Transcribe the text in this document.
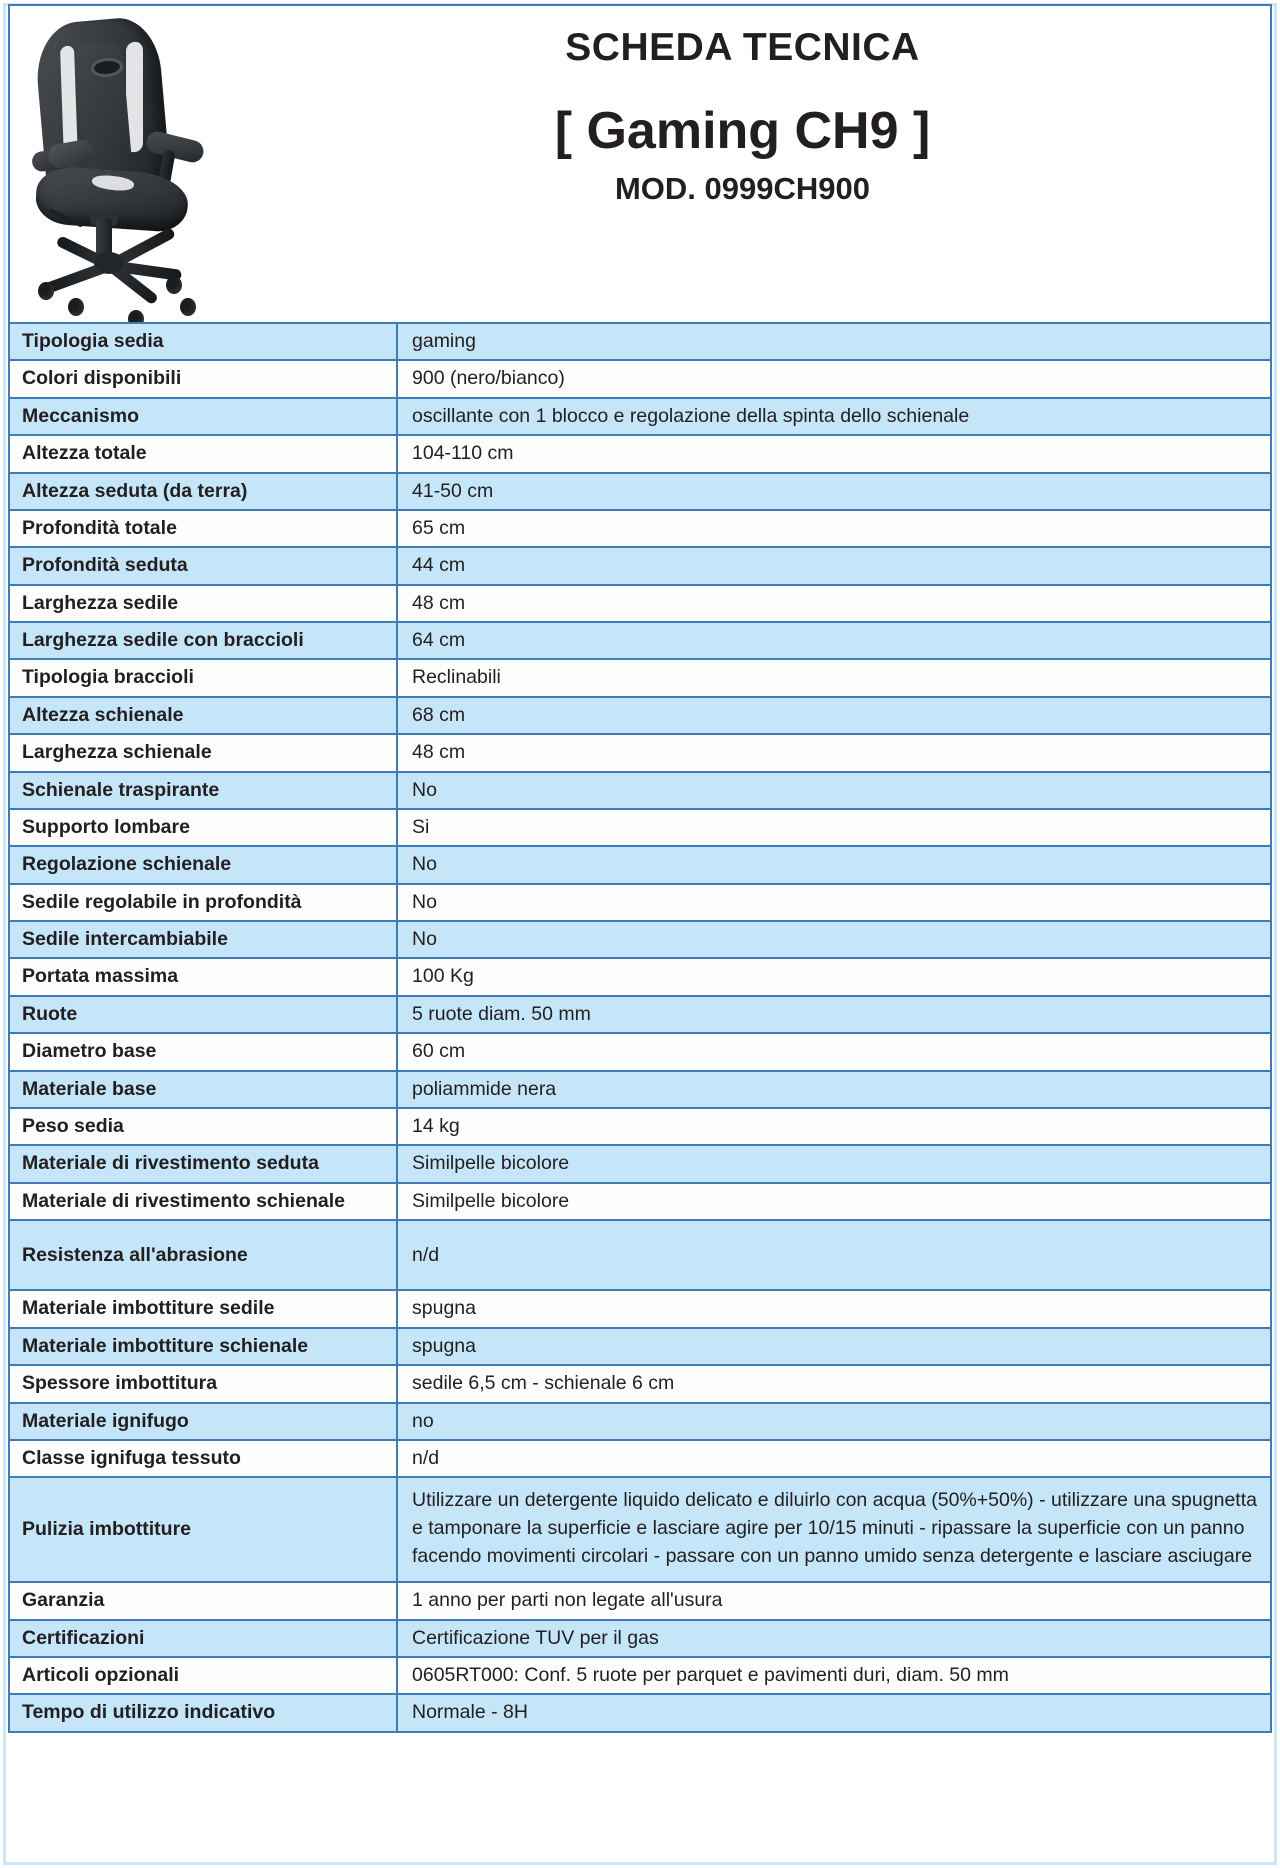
SCHEDA TECNICA
[ Gaming CH9 ]
MOD. 0999CH900
Tipologia sedia	gaming
Colori disponibili	900 (nero/bianco)
Meccanismo	oscillante con 1 blocco e regolazione della spinta dello schienale
Altezza totale	104-110 cm
Altezza seduta (da terra)	41-50 cm
Profondità totale	65 cm
Profondità seduta	44 cm
Larghezza sedile	48 cm
Larghezza sedile con braccioli	64 cm
Tipologia braccioli	Reclinabili
Altezza schienale	68 cm
Larghezza schienale	48 cm
Schienale traspirante	No
Supporto lombare	Si
Regolazione schienale	No
Sedile regolabile in profondità	No
Sedile intercambiabile	No
Portata massima	100 Kg
Ruote	5 ruote diam. 50 mm
Diametro base	60 cm
Materiale base	poliammide nera
Peso sedia	14 kg
Materiale di rivestimento seduta	Similpelle bicolore
Materiale di rivestimento schienale	Similpelle bicolore
Resistenza all'abrasione	n/d
Materiale imbottiture sedile	spugna
Materiale imbottiture schienale	spugna
Spessore imbottitura	sedile 6,5 cm - schienale 6 cm
Materiale ignifugo	no
Classe ignifuga tessuto	n/d
Pulizia imbottiture	Utilizzare un detergente liquido delicato e diluirlo con acqua (50%+50%) - utilizzare una spugnetta e tamponare la superficie e lasciare agire per 10/15 minuti - ripassare la superficie con un panno facendo movimenti circolari - passare con un panno umido senza detergente e lasciare asciugare
Garanzia	1 anno per parti non legate all'usura
Certificazioni	Certificazione TUV per il gas
Articoli opzionali	0605RT000: Conf. 5 ruote per parquet e pavimenti duri, diam. 50 mm
Tempo di utilizzo indicativo	Normale - 8H
